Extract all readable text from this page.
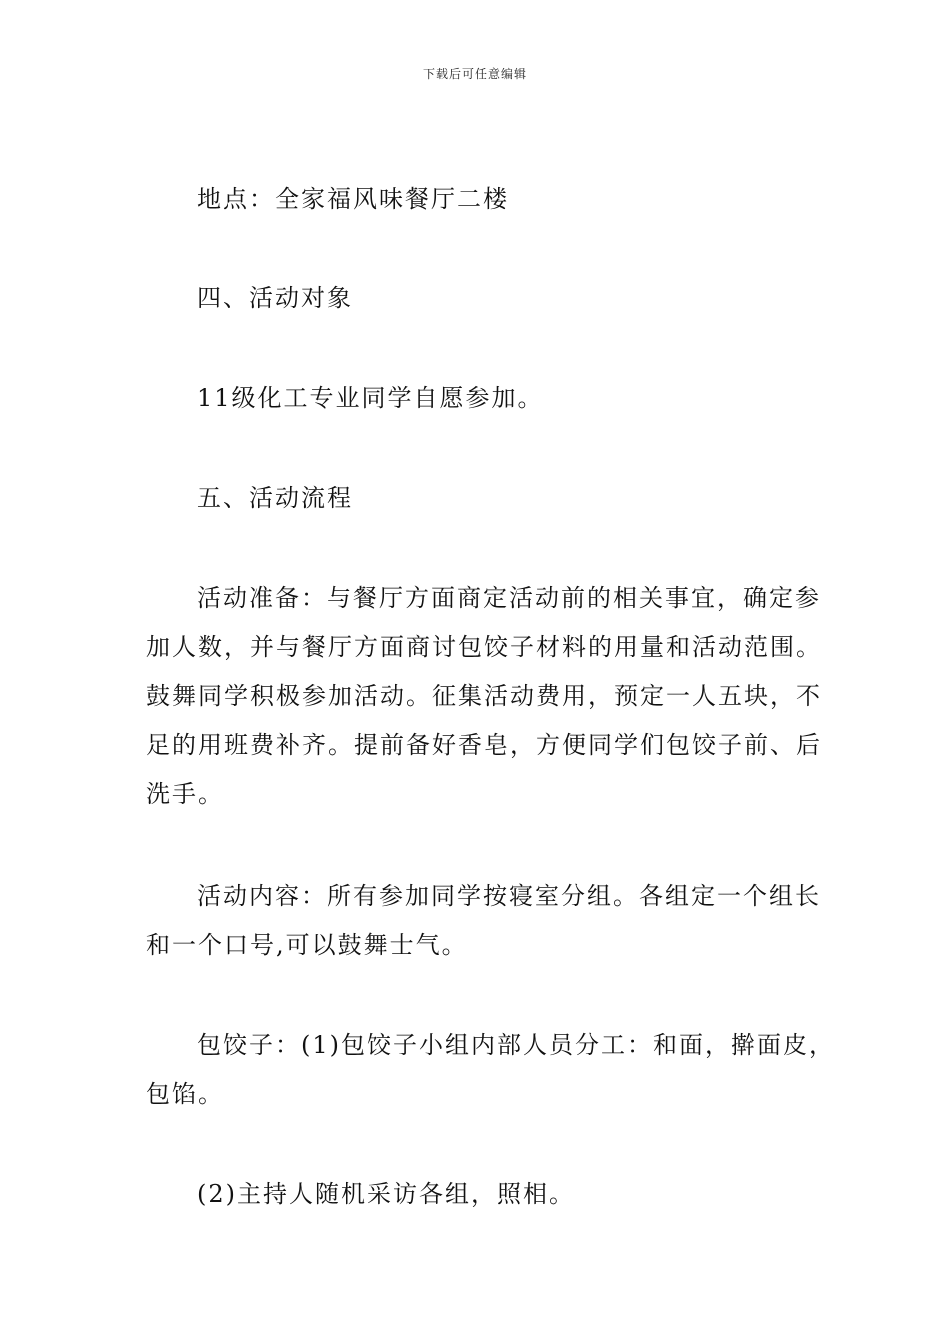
下载后可任意编辑

地点：全家福风味餐厅二楼

四、活动对象

11级化工专业同学自愿参加。

五、活动流程

活动准备：与餐厅方面商定活动前的相关事宜，确定参加人数，并与餐厅方面商讨包饺子材料的用量和活动范围。鼓舞同学积极参加活动。征集活动费用，预定一人五块，不足的用班费补齐。提前备好香皂，方便同学们包饺子前、后洗手。

活动内容：所有参加同学按寝室分组。各组定一个组长和一个口号,可以鼓舞士气。

包饺子：(1)包饺子小组内部人员分工：和面，擀面皮，包馅。

(2)主持人随机采访各组，照相。
